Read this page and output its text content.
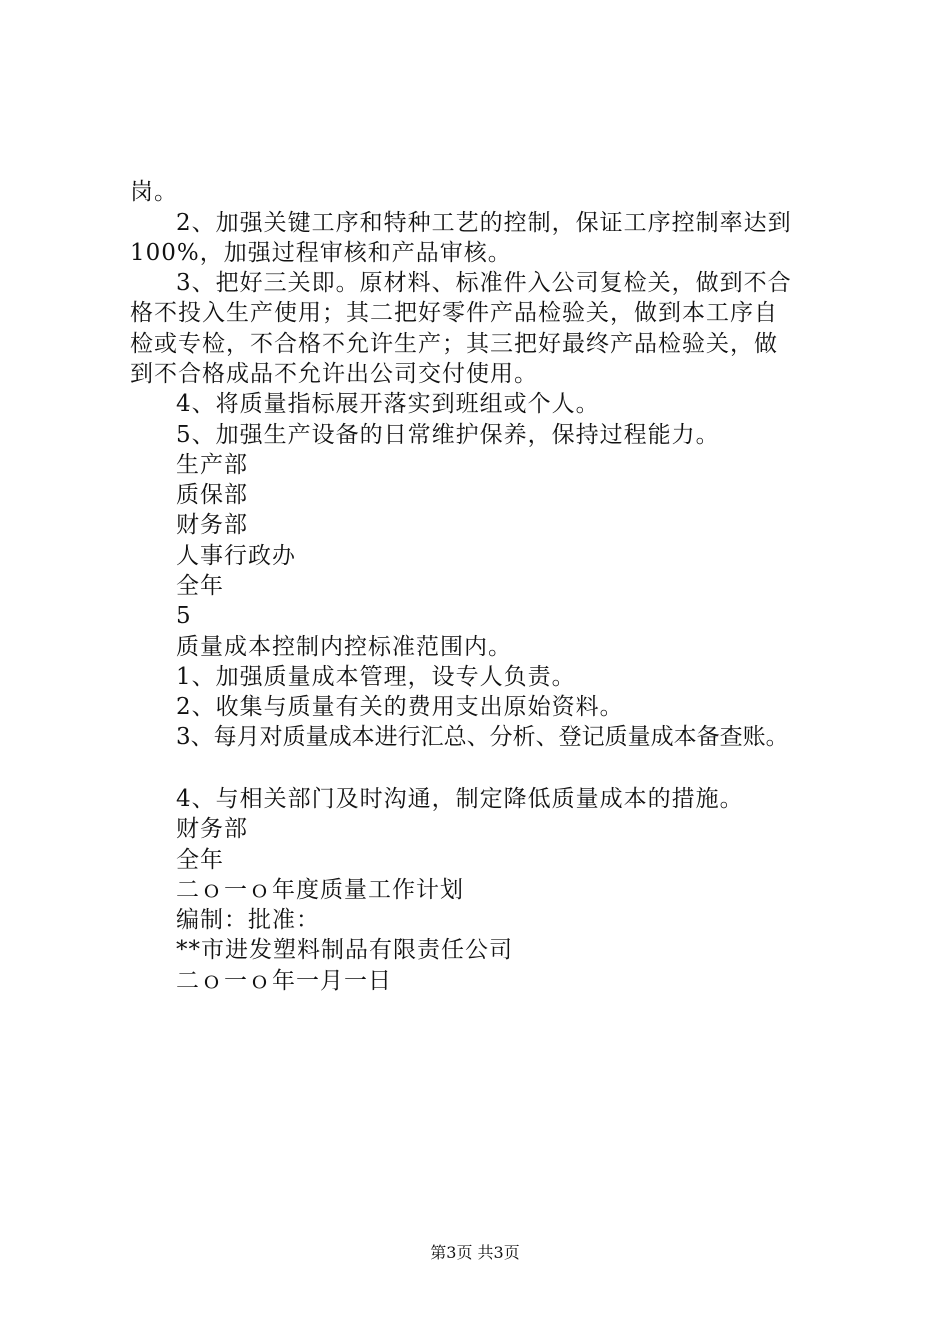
岗。
2、加强关键工序和特种工艺的控制，保证工序控制率达到
100%，加强过程审核和产品审核。
3、把好三关即。原材料、标准件入公司复检关，做到不合
格不投入生产使用；其二把好零件产品检验关，做到本工序自
检或专检，不合格不允许生产；其三把好最终产品检验关，做
到不合格成品不允许出公司交付使用。
4、将质量指标展开落实到班组或个人。
5、加强生产设备的日常维护保养，保持过程能力。
生产部
质保部
财务部
人事行政办
全年
5
质量成本控制内控标准范围内。
1、加强质量成本管理，设专人负责。
2、收集与质量有关的费用支出原始资料。
3、每月对质量成本进行汇总、分析、登记质量成本备查账。
4、与相关部门及时沟通，制定降低质量成本的措施。
财务部
全年
二ｏ一ｏ年度质量工作计划
编制：批准：
**市进发塑料制品有限责任公司
二ｏ一ｏ年一月一日
第3页 共3页
